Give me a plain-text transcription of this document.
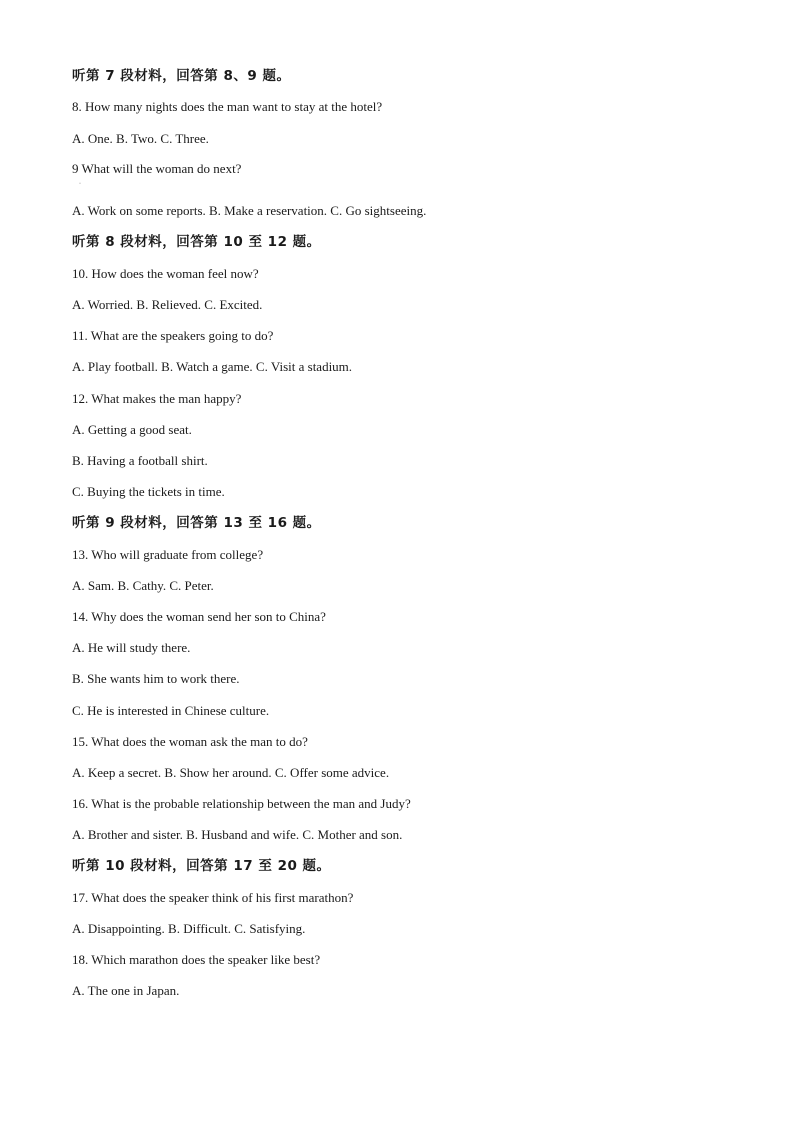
听第 7 段材料，回答第 8、9 题。
8. How many nights does the man want to stay at the hotel?
A. One. B. Two. C. Three.
9 What will the woman do next?
·
A. Work on some reports. B. Make a reservation. C. Go sightseeing.
听第 8 段材料，回答第 10 至 12 题。
10. How does the woman feel now?
A. Worried. B. Relieved. C. Excited.
11. What are the speakers going to do?
A. Play football. B. Watch a game. C. Visit a stadium.
12. What makes the man happy?
A. Getting a good seat.
B. Having a football shirt.
C. Buying the tickets in time.
听第 9 段材料，回答第 13 至 16 题。
13. Who will graduate from college?
A. Sam. B. Cathy. C. Peter.
14. Why does the woman send her son to China?
A. He will study there.
B. She wants him to work there.
C. He is interested in Chinese culture.
15. What does the woman ask the man to do?
A. Keep a secret. B. Show her around. C. Offer some advice.
16. What is the probable relationship between the man and Judy?
A. Brother and sister. B. Husband and wife. C. Mother and son.
听第 10 段材料，回答第 17 至 20 题。
17. What does the speaker think of his first marathon?
A. Disappointing. B. Difficult. C. Satisfying.
18. Which marathon does the speaker like best?
A. The one in Japan.
